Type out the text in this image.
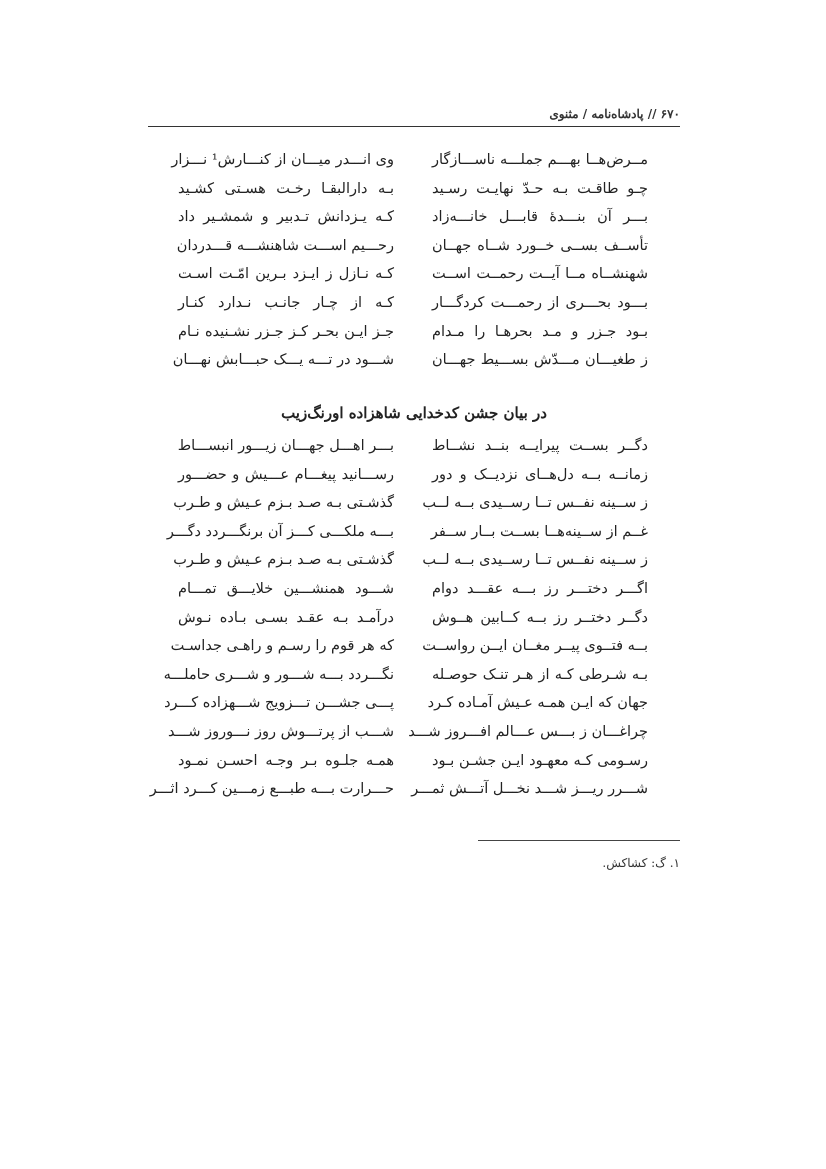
۶۷۰ // پادشاه‌نامه / مثنوی
مــرض‌هــا بهـــم جملـــه ناســـازگار
وی انـــدر میـــان از کنـــارش¹ نـــزار
چـو طاقـت بـه حـدّ نهایـت رسـید
بـه دارالبقـا رخـت هسـتی کشـید
بـــر آن بنـــدهٔ قابـــل خانـــه‌زاد
کـه یـزدانش تـدبیر و شمشـیر داد
تأســف بســی خــورد شــاه جهــان
رحـــیم اســـت شاهنشـــه قـــدردان
شهنشــاه مــا آیــت رحمــت اســت
کـه نـازل ز ایـزد بـرین امّـت اسـت
بـــود بحـــری از رحمـــت کردگـــار
کـه از چـار جانـب نـدارد کنـار
بـود جـزر و مـد بحرهـا را مـدام
جـز ایـن بحـر کـز جـزر نشـنیده نـام
ز طغیـــان مـــدّش بســـیط جهـــان
شـــود در تـــه یـــک حبـــابش نهـــان
در بیان جشن کدخدایی شاهزاده اورنگ‌زیب
دگــر بســت پیرایــه بنــد نشــاط
بـــر اهـــل جهـــان زیـــور انبســـاط
زمانــه بــه دل‌هــای نزدیــک و دور
رســـانید پیغـــام عـــیش و حضـــور
ز ســینه نفــس تــا رســیدی بــه لــب
گذشـتی بـه صـد بـزم عـیش و طـرب
غــم از ســینه‌هــا بســت بــار ســفر
بـــه ملکـــی کـــز آن برنگـــردد دگـــر
ز ســینه نفــس تــا رســیدی بــه لــب
گذشـتی بـه صـد بـزم عـیش و طـرب
اگـــر دختـــر رز بـــه عقـــد دوام
شـــود همنشـــین خلایـــق تمـــام
دگــر دختــر رز بــه کــابین هــوش
درآمـد بـه عقـد بسـی بـاده نـوش
بــه فتــوی پیــر مغــان ایــن رواســت
که هر قوم را رسـم و راهـی جداسـت
بـه شـرطی کـه از هـر تنـک حوصـله
نگـــردد بـــه شـــور و شـــری حاملـــه
جهان که ایـن همـه عـیش آمـاده کـرد
پـــی جشـــن تـــزویج شـــهزاده کـــرد
چراغـــان ز بـــس عـــالم افـــروز شـــد
شـــب از پرتـــوش روز نـــوروز شـــد
رسـومی کـه معهـود ایـن جشـن بـود
همـه جلـوه بـر وجـه احسـن نمـود
شـــرر ریـــز شـــد نخـــل آتـــش ثمـــر
حـــرارت بـــه طبـــع زمـــین کـــرد اثـــر
۱. گ: کشاکش.
